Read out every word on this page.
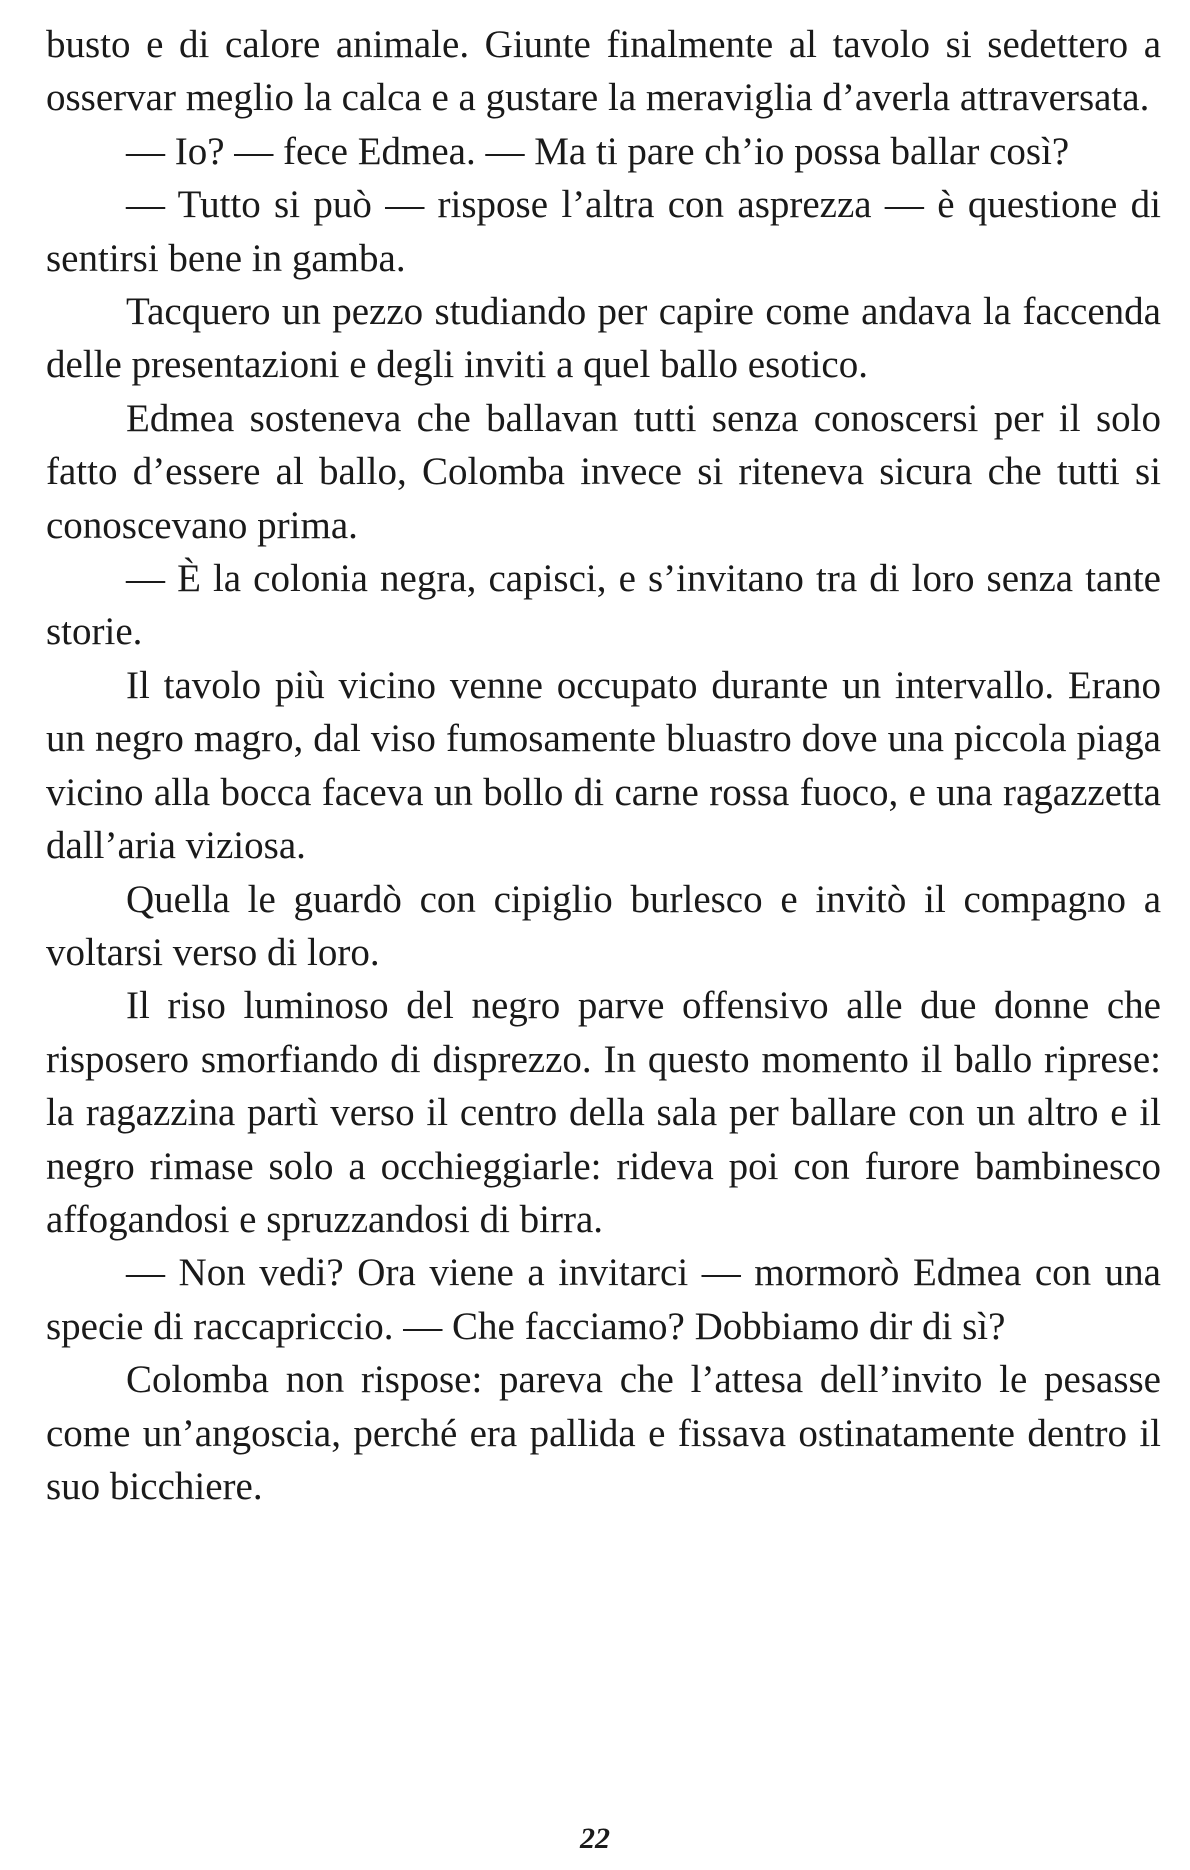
busto e di calore animale. Giunte finalmente al tavolo si sedettero a osservar meglio la calca e a gustare la meraviglia d’averla attraversata.

— Io? — fece Edmea. — Ma ti pare ch’io possa ballar così?

— Tutto si può — rispose l’altra con asprezza — è questione di sentirsi bene in gamba.

Tacquero un pezzo studiando per capire come andava la faccenda delle presentazioni e degli inviti a quel ballo esotico.

Edmea sosteneva che ballavan tutti senza conoscersi per il solo fatto d’essere al ballo, Colomba invece si riteneva sicura che tutti si conoscevano prima.

— È la colonia negra, capisci, e s’invitano tra di loro senza tante storie.

Il tavolo più vicino venne occupato durante un intervallo. Erano un negro magro, dal viso fumosamente bluastro dove una piccola piaga vicino alla bocca faceva un bollo di carne rossa fuoco, e una ragazzetta dall’aria viziosa.

Quella le guardò con cipiglio burlesco e invitò il compagno a voltarsi verso di loro.

Il riso luminoso del negro parve offensivo alle due donne che risposero smorfiando di disprezzo. In questo momento il ballo riprese: la ragazzina partì verso il centro della sala per ballare con un altro e il negro rimase solo a occhieggiarle: rideva poi con furore bambinesco affogandosi e spruzzandosi di birra.

— Non vedi? Ora viene a invitarci — mormorò Edmea con una specie di raccapriccio. — Che facciamo? Dobbiamo dir di sì?

Colomba non rispose: pareva che l’attesa dell’invito le pesasse come un’angoscia, perché era pallida e fissava ostinatamente dentro il suo bicchiere.

22
